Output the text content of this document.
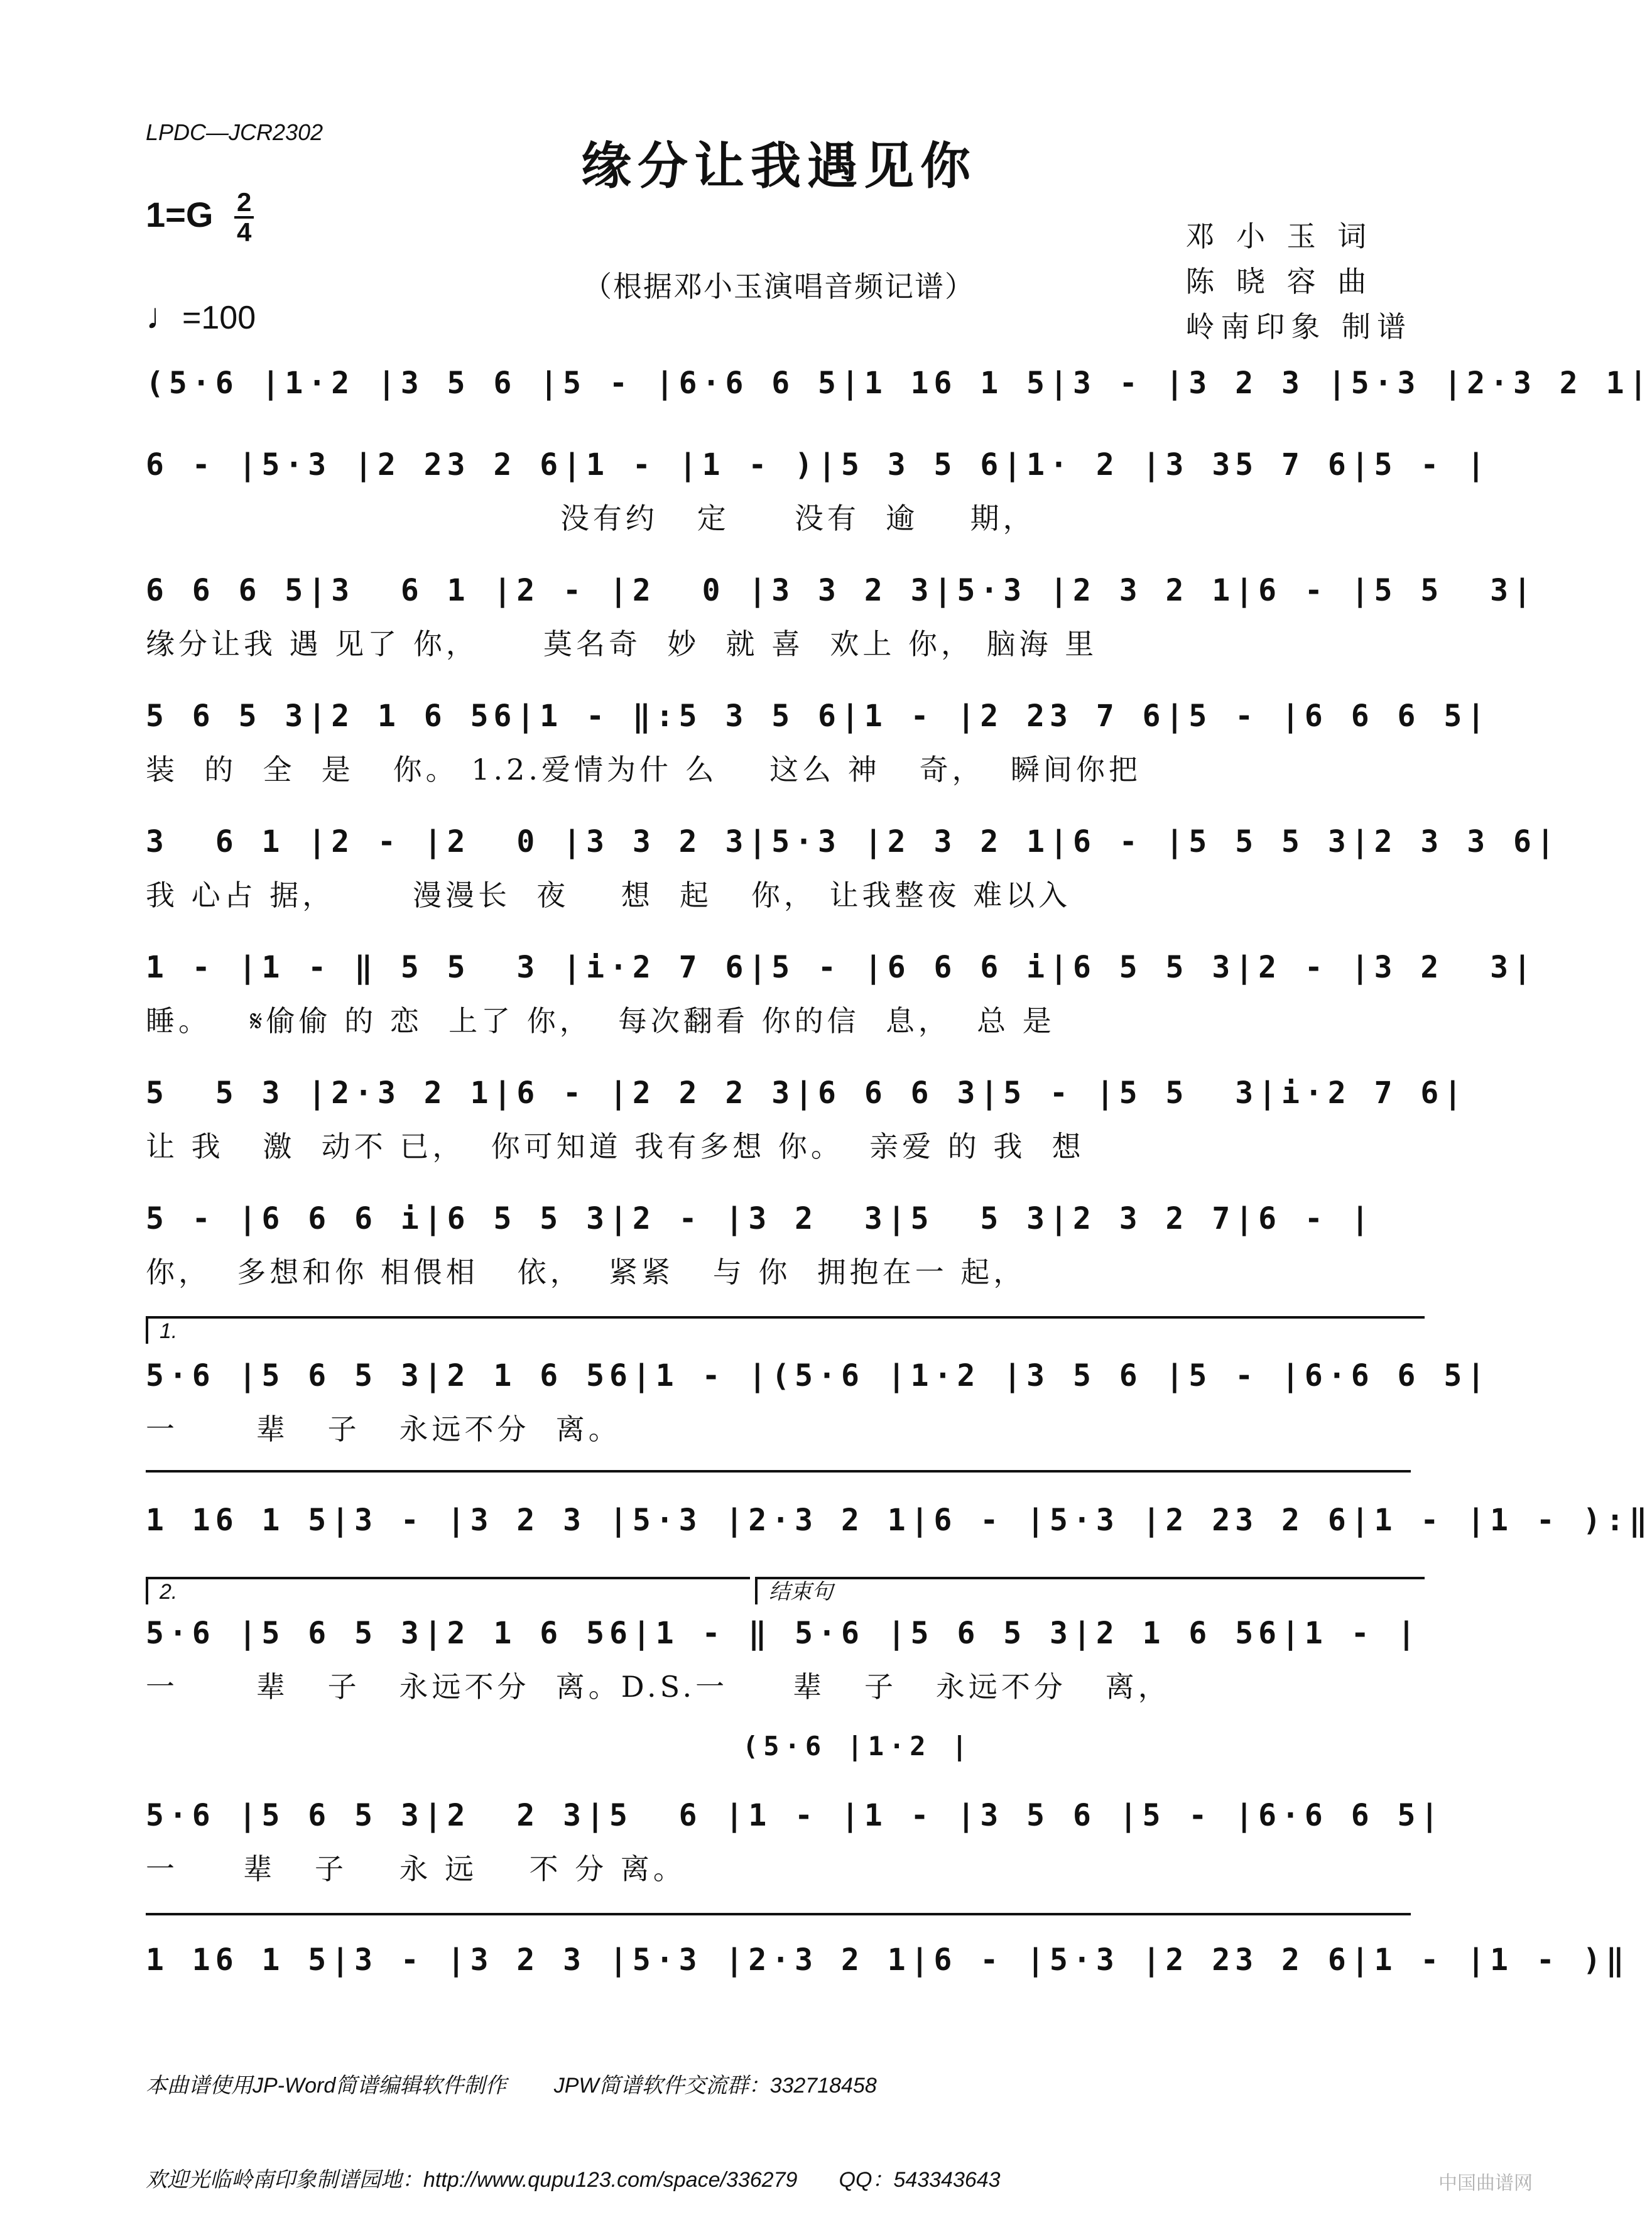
LPDC—JCR2302
缘分让我遇见你
$1=G \frac{2}{4}$
♩=100
（根据邓小玉演唱音频记谱）
邓 小 玉 词
陈 晓 容 曲
岭南印象 制谱
(5·6 |1·2 |3 5 6 |5 - |6·6 6 5|1 16 1 5|3 - |3 2 3 |5·3 |2·3 2 1|
6 - |5·3 |2 23 2 6|1 - |1 - )|5 3 5 6|1· 2 |3 35 7 6|5 - |
没有约   定     没有  逾    期，
6 6 6 5|3  6 1 |2 - |2  0 |3 3 2 3|5·3 |2 3 2 1|6 - |5 5  3|
缘分让我 遇 见了 你，     莫名奇  妙  就 喜  欢上 你， 脑海 里
5 6 5 3|2 1 6 56|1 - ‖:5 3 5 6|1 - |2 23 7 6|5 - |6 6 6 5|
装  的  全  是   你。 1.2.爱情为什 么    这么 神   奇，  瞬间你把
3  6 1 |2 - |2  0 |3 3 2 3|5·3 |2 3 2 1|6 - |5 5 5 3|2 3 3 6|
我 心占 据，      漫漫长  夜    想  起   你， 让我整夜 难以入
1 - |1 - ‖ 5 5  3 |i·2 7 6|5 - |6 6 6 i|6 5 5 3|2 - |3 2  3|
睡。   𝄋偷偷 的 恋  上了 你，  每次翻看 你的信  息，  总 是
5  5 3 |2·3 2 1|6 - |2 2 2 3|6 6 6 3|5 - |5 5  3|i·2 7 6|
让 我   激  动不 已，  你可知道 我有多想 你。  亲爱 的 我  想
5 - |6 6 6 i|6 5 5 3|2 - |3 2  3|5  5 3|2 3 2 7|6 - |
你，  多想和你 相偎相   依，  紧紧   与 你  拥抱在一 起，
1.
5·6 |5 6 5 3|2 1 6 56|1 - |(5·6 |1·2 |3 5 6 |5 - |6·6 6 5|
一      辈   子   永远不分  离。
1 16 1 5|3 - |3 2 3 |5·3 |2·3 2 1|6 - |5·3 |2 23 2 6|1 - |1 - ):‖
2.	结束句
5·6 |5 6 5 3|2 1 6 56|1 - ‖ 5·6 |5 6 5 3|2 1 6 56|1 - |
一      辈   子   永远不分  离。D.S.一     辈   子   永远不分   离，
(5·6 |1·2 |
5·6 |5 6 5 3|2  2 3|5  6 |1 - |1 - |3 5 6 |5 - |6·6 6 5|
一     辈   子    永 远    不 分 离。
1 16 1 5|3 - |3 2 3 |5·3 |2·3 2 1|6 - |5·3 |2 23 2 6|1 - |1 - )‖

本曲谱使用JP-Word简谱编辑软件制作        JPW简谱软件交流群：332718458

欢迎光临岭南印象制谱园地：http://www.qupu123.com/space/336279       QQ：543343643	中国曲谱网
